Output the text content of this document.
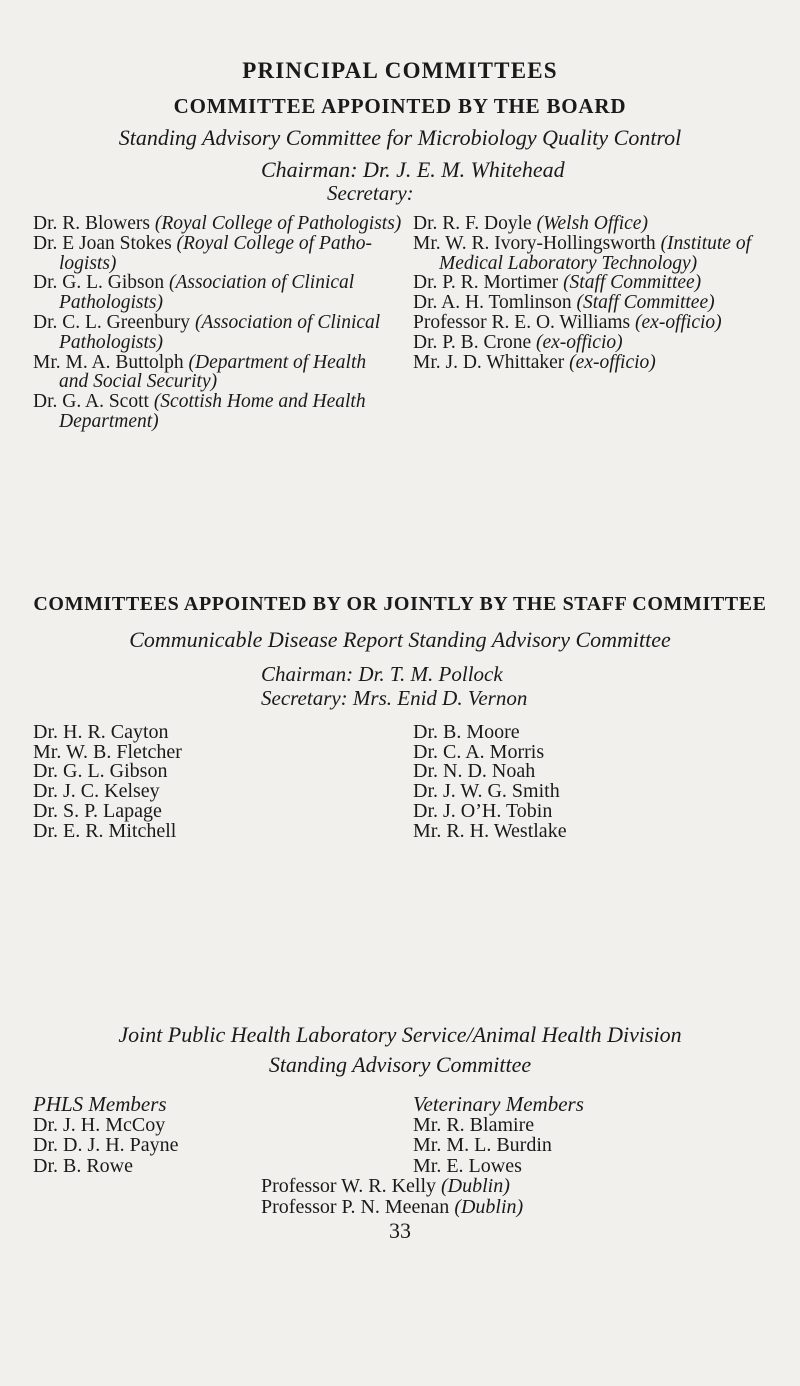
PRINCIPAL COMMITTEES
COMMITTEE APPOINTED BY THE BOARD
Standing Advisory Committee for Microbiology Quality Control
Chairman: Dr. J. E. M. Whitehead
Secretary:
Dr. R. Blowers (Royal College of Pathologists)
Dr. E Joan Stokes (Royal College of Patho-
logists)
Dr. G. L. Gibson (Association of Clinical
Pathologists)
Dr. C. L. Greenbury (Association of Clinical
Pathologists)
Mr. M. A. Buttolph (Department of Health
and Social Security)
Dr. G. A. Scott (Scottish Home and Health
Department)
Dr. R. F. Doyle (Welsh Office)
Mr. W. R. Ivory-Hollingsworth (Institute of
Medical Laboratory Technology)
Dr. P. R. Mortimer (Staff Committee)
Dr. A. H. Tomlinson (Staff Committee)
Professor R. E. O. Williams (ex-officio)
Dr. P. B. Crone (ex-officio)
Mr. J. D. Whittaker (ex-officio)
COMMITTEES APPOINTED BY OR JOINTLY BY THE STAFF COMMITTEE
Communicable Disease Report Standing Advisory Committee
Chairman: Dr. T. M. Pollock
Secretary: Mrs. Enid D. Vernon
Dr. H. R. Cayton
Mr. W. B. Fletcher
Dr. G. L. Gibson
Dr. J. C. Kelsey
Dr. S. P. Lapage
Dr. E. R. Mitchell
Dr. B. Moore
Dr. C. A. Morris
Dr. N. D. Noah
Dr. J. W. G. Smith
Dr. J. O’H. Tobin
Mr. R. H. Westlake
Joint Public Health Laboratory Service/Animal Health Division
Standing Advisory Committee
PHLS Members
Dr. J. H. McCoy
Dr. D. J. H. Payne
Dr. B. Rowe
Veterinary Members
Mr. R. Blamire
Mr. M. L. Burdin
Mr. E. Lowes
Professor W. R. Kelly (Dublin)
Professor P. N. Meenan (Dublin)
33
